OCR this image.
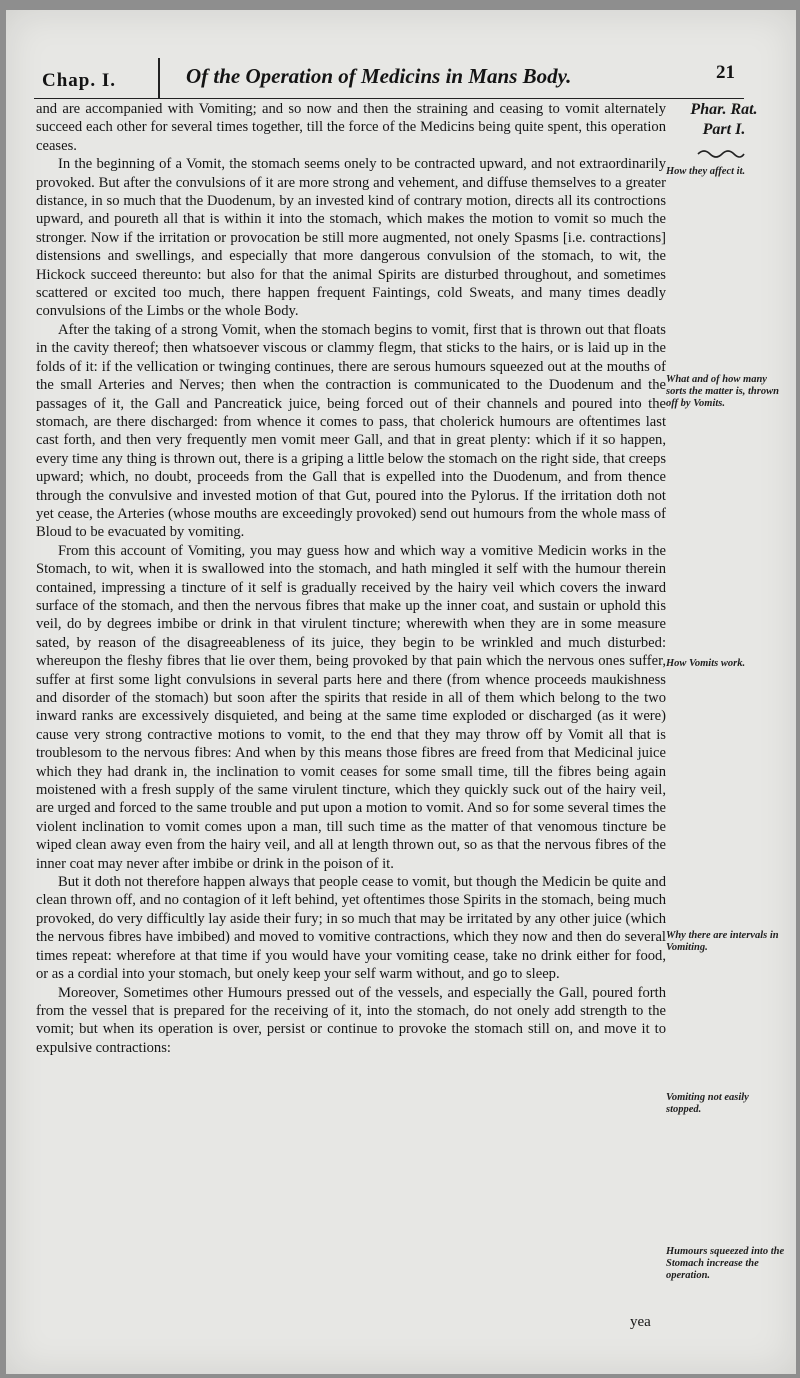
Chap. I.	Of the Operation of Medicins in Mans Body.	21
Phar. Rat.
Part I.

and are accompanied with Vomiting; and so now and then the straining and ceasing to vomit alternately succeed each other for several times together, till the force of the Medicins being quite spent, this operation ceases.

In the beginning of a Vomit, the stomach seems onely to be contracted upward, and not extraordinarily provoked. But after the convulsions of it are more strong and vehement, and diffuse themselves to a greater distance, in so much that the Duodenum, by an invested kind of contrary motion, directs all its controctions upward, and poureth all that is within it into the stomach, which makes the motion to vomit so much the stronger. Now if the irritation or provocation be still more augmented, not onely Spasms [i.e. contractions] distensions and swellings, and especially that more dangerous convulsion of the stomach, to wit, the Hickock succeed thereunto: but also for that the animal Spirits are disturbed throughout, and sometimes scattered or excited too much, there happen frequent Faintings, cold Sweats, and many times deadly convulsions of the Limbs or the whole Body.

After the taking of a strong Vomit, when the stomach begins to vomit, first that is thrown out that floats in the cavity thereof; then whatsoever viscous or clammy flegm, that sticks to the hairs, or is laid up in the folds of it: if the vellication or twinging continues, there are serous humours squeezed out at the mouths of the small Arteries and Nerves; then when the contraction is communicated to the Duodenum and the passages of it, the Gall and Pancreatick juice, being forced out of their channels and poured into the stomach, are there discharged: from whence it comes to pass, that cholerick humours are oftentimes last cast forth, and then very frequently men vomit meer Gall, and that in great plenty: which if it so happen, every time any thing is thrown out, there is a griping a little below the stomach on the right side, that creeps upward; which, no doubt, proceeds from the Gall that is expelled into the Duodenum, and from thence through the convulsive and invested motion of that Gut, poured into the Pylorus. If the irritation doth not yet cease, the Arteries (whose mouths are exceedingly provoked) send out humours from the whole mass of Bloud to be evacuated by vomiting.

From this account of Vomiting, you may guess how and which way a vomitive Medicin works in the Stomach, to wit, when it is swallowed into the stomach, and hath mingled it self with the humour therein contained, impressing a tincture of it self is gradually received by the hairy veil which covers the inward surface of the stomach, and then the nervous fibres that make up the inner coat, and sustain or uphold this veil, do by degrees imbibe or drink in that virulent tincture; wherewith when they are in some measure sated, by reason of the disagreeableness of its juice, they begin to be wrinkled and much disturbed: whereupon the fleshy fibres that lie over them, being provoked by that pain which the nervous ones suffer, suffer at first some light convulsions in several parts here and there (from whence proceeds maukishness and disorder of the stomach) but soon after the spirits that reside in all of them which belong to the two inward ranks are excessively disquieted, and being at the same time exploded or discharged (as it were) cause very strong contractive motions to vomit, to the end that they may throw off by Vomit all that is troublesom to the nervous fibres: And when by this means those fibres are freed from that Medicinal juice which they had drank in, the inclination to vomit ceases for some small time, till the fibres being again moistened with a fresh supply of the same virulent tincture, which they quickly suck out of the hairy veil, are urged and forced to the same trouble and put upon a motion to vomit. And so for some several times the violent inclination to vomit comes upon a man, till such time as the matter of that venomous tincture be wiped clean away even from the hairy veil, and all at length thrown out, so as that the nervous fibres of the inner coat may never after imbibe or drink in the poison of it.

But it doth not therefore happen always that people cease to vomit, but though the Medicin be quite and clean thrown off, and no contagion of it left behind, yet oftentimes those Spirits in the stomach, being much provoked, do very difficultly lay aside their fury; in so much that may be irritated by any other juice (which the nervous fibres have imbibed) and moved to vomitive contractions, which they now and then do several times repeat: wherefore at that time if you would have your vomiting cease, take no drink either for food, or as a cordial into your stomach, but onely keep your self warm without, and go to sleep.

Moreover, Sometimes other Humours pressed out of the vessels, and especially the Gall, poured forth from the vessel that is prepared for the receiving of it, into the stomach, do not onely add strength to the vomit; but when its operation is over, persist or continue to provoke the stomach still on, and move it to expulsive contractions:

How they affect it.
What and of how many sorts the matter is, thrown off by Vomits.
How Vomits work.
Why there are intervals in Vomiting.
Vomiting not easily stopped.
Humours squeezed into the Stomach increase the operation.
yea
